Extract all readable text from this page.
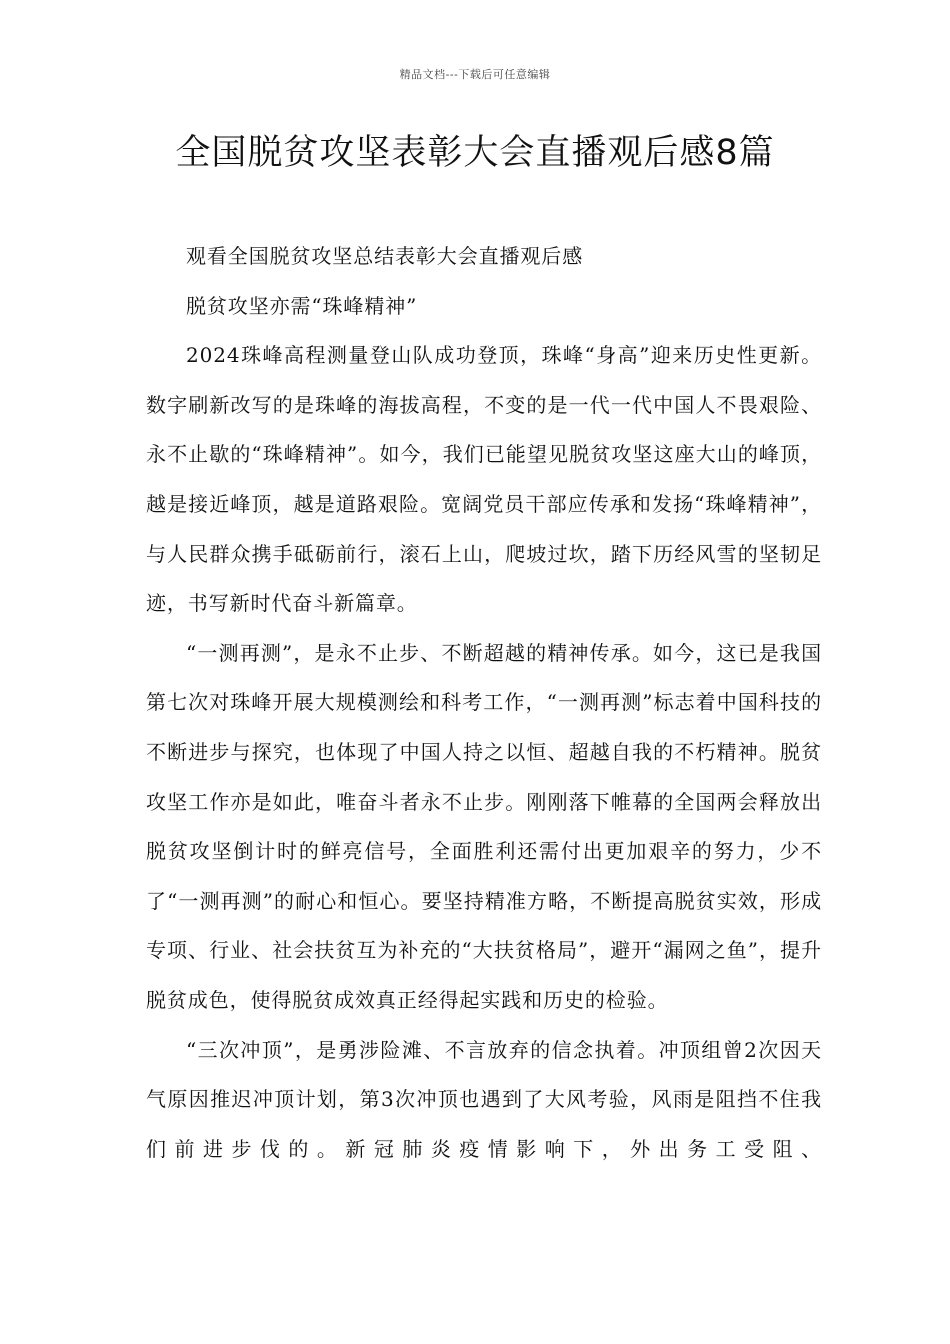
精品文档---下载后可任意编辑
全国脱贫攻坚表彰大会直播观后感8篇

观看全国脱贫攻坚总结表彰大会直播观后感

脱贫攻坚亦需“珠峰精神”

2024珠峰高程测量登山队成功登顶，珠峰“身高”迎来历史性更新。数字刷新改写的是珠峰的海拔高程，不变的是一代一代中国人不畏艰险、永不止歇的“珠峰精神”。如今，我们已能望见脱贫攻坚这座大山的峰顶，越是接近峰顶，越是道路艰险。宽阔党员干部应传承和发扬“珠峰精神”，与人民群众携手砥砺前行，滚石上山，爬坡过坎，踏下历经风雪的坚韧足迹，书写新时代奋斗新篇章。

“一测再测”，是永不止步、不断超越的精神传承。如今，这已是我国第七次对珠峰开展大规模测绘和科考工作，“一测再测”标志着中国科技的不断进步与探究，也体现了中国人持之以恒、超越自我的不朽精神。脱贫攻坚工作亦是如此，唯奋斗者永不止步。刚刚落下帷幕的全国两会释放出脱贫攻坚倒计时的鲜亮信号，全面胜利还需付出更加艰辛的努力，少不了“一测再测”的耐心和恒心。要坚持精准方略，不断提高脱贫实效，形成专项、行业、社会扶贫互为补充的“大扶贫格局”，避开“漏网之鱼”，提升脱贫成色，使得脱贫成效真正经得起实践和历史的检验。

“三次冲顶”，是勇涉险滩、不言放弃的信念执着。冲顶组曾2次因天气原因推迟冲顶计划，第3次冲顶也遇到了大风考验，风雨是阻挡不住我们前进步伐的。新冠肺炎疫情影响下，外出务工受阻、
